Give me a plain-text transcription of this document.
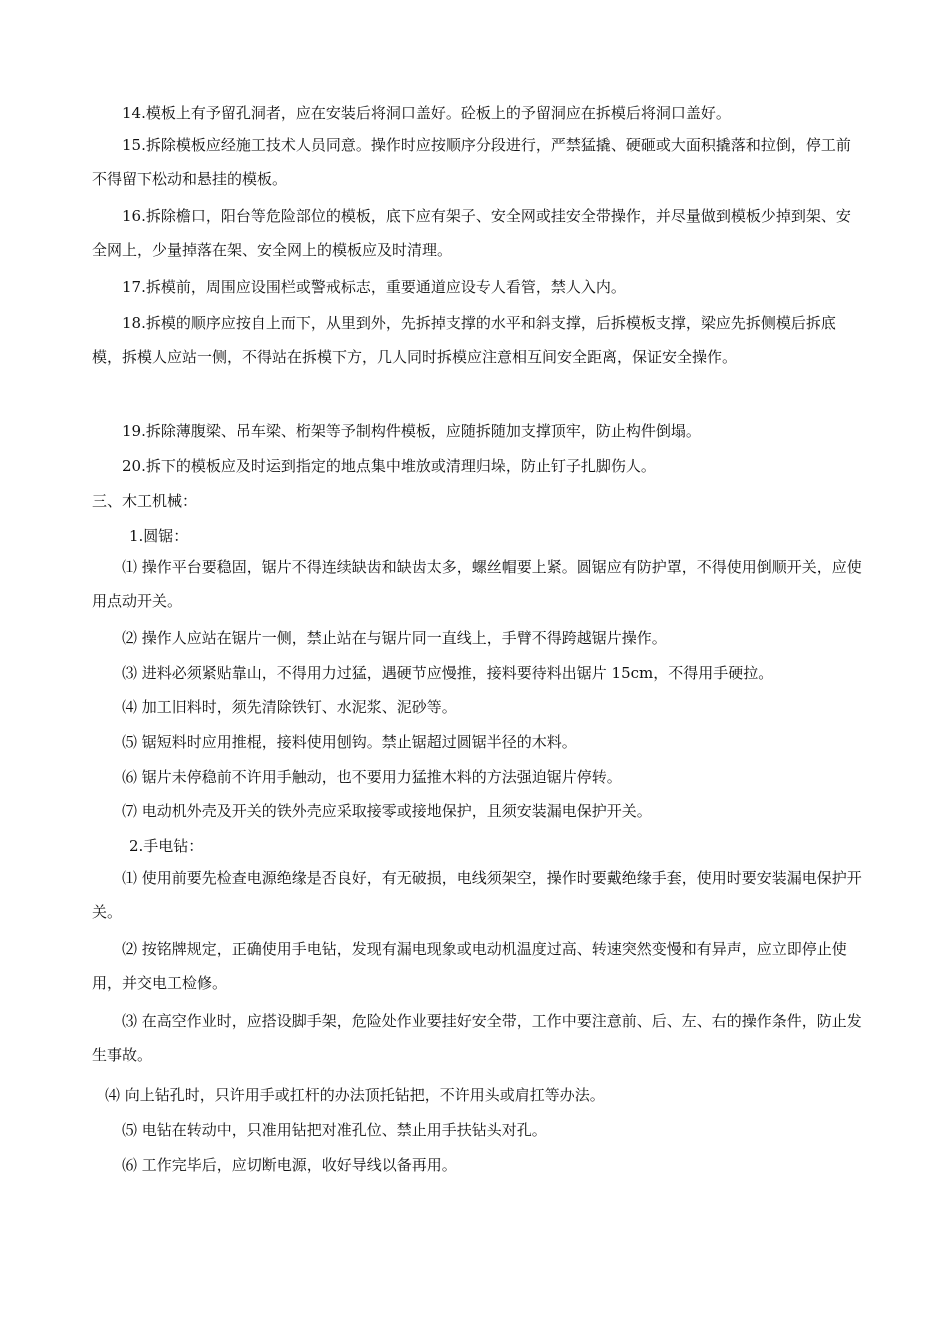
14.模板上有予留孔洞者，应在安装后将洞口盖好。砼板上的予留洞应在拆模后将洞口盖好。

15.拆除模板应经施工技术人员同意。操作时应按顺序分段进行，严禁猛撬、硬砸或大面积撬落和拉倒，停工前不得留下松动和悬挂的模板。

16.拆除檐口，阳台等危险部位的模板，底下应有架子、安全网或挂安全带操作，并尽量做到模板少掉到架、安全网上，少量掉落在架、安全网上的模板应及时清理。

17.拆模前，周围应设围栏或警戒标志，重要通道应设专人看管，禁人入内。

18.拆模的顺序应按自上而下，从里到外，先拆掉支撑的水平和斜支撑，后拆模板支撑，梁应先拆侧模后拆底模，拆模人应站一侧，不得站在拆模下方，几人同时拆模应注意相互间安全距离，保证安全操作。

19.拆除薄腹梁、吊车梁、桁架等予制构件模板，应随拆随加支撑顶牢，防止构件倒塌。

20.拆下的模板应及时运到指定的地点集中堆放或清理归垛，防止钉子扎脚伤人。

三、木工机械：

1.圆锯：

⑴ 操作平台要稳固，锯片不得连续缺齿和缺齿太多，螺丝帽要上紧。圆锯应有防护罩，不得使用倒顺开关，应使用点动开关。

⑵ 操作人应站在锯片一侧，禁止站在与锯片同一直线上，手臂不得跨越锯片操作。

⑶ 进料必须紧贴靠山，不得用力过猛，遇硬节应慢推，接料要待料出锯片 15cm，不得用手硬拉。

⑷ 加工旧料时，须先清除铁钉、水泥浆、泥砂等。

⑸ 锯短料时应用推棍，接料使用刨钩。禁止锯超过圆锯半径的木料。

⑹ 锯片未停稳前不许用手触动，也不要用力猛推木料的方法强迫锯片停转。

⑺ 电动机外壳及开关的铁外壳应采取接零或接地保护，且须安装漏电保护开关。

2.手电钻：

⑴ 使用前要先检查电源绝缘是否良好，有无破损，电线须架空，操作时要戴绝缘手套，使用时要安装漏电保护开关。

⑵ 按铭牌规定，正确使用手电钻，发现有漏电现象或电动机温度过高、转速突然变慢和有异声，应立即停止使用，并交电工检修。

⑶ 在高空作业时，应搭设脚手架，危险处作业要挂好安全带，工作中要注意前、后、左、右的操作条件，防止发生事故。

⑷ 向上钻孔时，只许用手或扛杆的办法顶托钻把，不许用头或肩扛等办法。

⑸ 电钻在转动中，只准用钻把对准孔位、禁止用手扶钻头对孔。

⑹ 工作完毕后，应切断电源，收好导线以备再用。
